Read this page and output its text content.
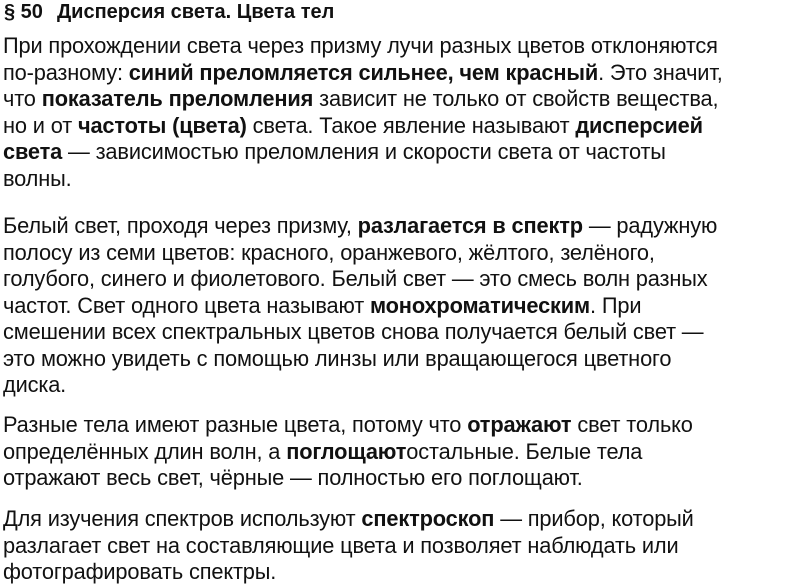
§ 50 Дисперсия света. Цвета тел
При прохождении света через призму лучи разных цветов отклоняются
по-разному: синий преломляется сильнее, чем красный. Это значит,
что показатель преломления зависит не только от свойств вещества,
но и от частоты (цвета) света. Такое явление называют дисперсией
света — зависимостью преломления и скорости света от частоты
волны.
Белый свет, проходя через призму, разлагается в спектр — радужную
полосу из семи цветов: красного, оранжевого, жёлтого, зелёного,
голубого, синего и фиолетового. Белый свет — это смесь волн разных
частот. Свет одного цвета называют монохроматическим. При
смешении всех спектральных цветов снова получается белый свет —
это можно увидеть с помощью линзы или вращающегося цветного
диска.
Разные тела имеют разные цвета, потому что отражают свет только
определённых длин волн, а поглощаютостальные. Белые тела
отражают весь свет, чёрные — полностью его поглощают.
Для изучения спектров используют спектроскоп — прибор, который
разлагает свет на составляющие цвета и позволяет наблюдать или
фотографировать спектры.
